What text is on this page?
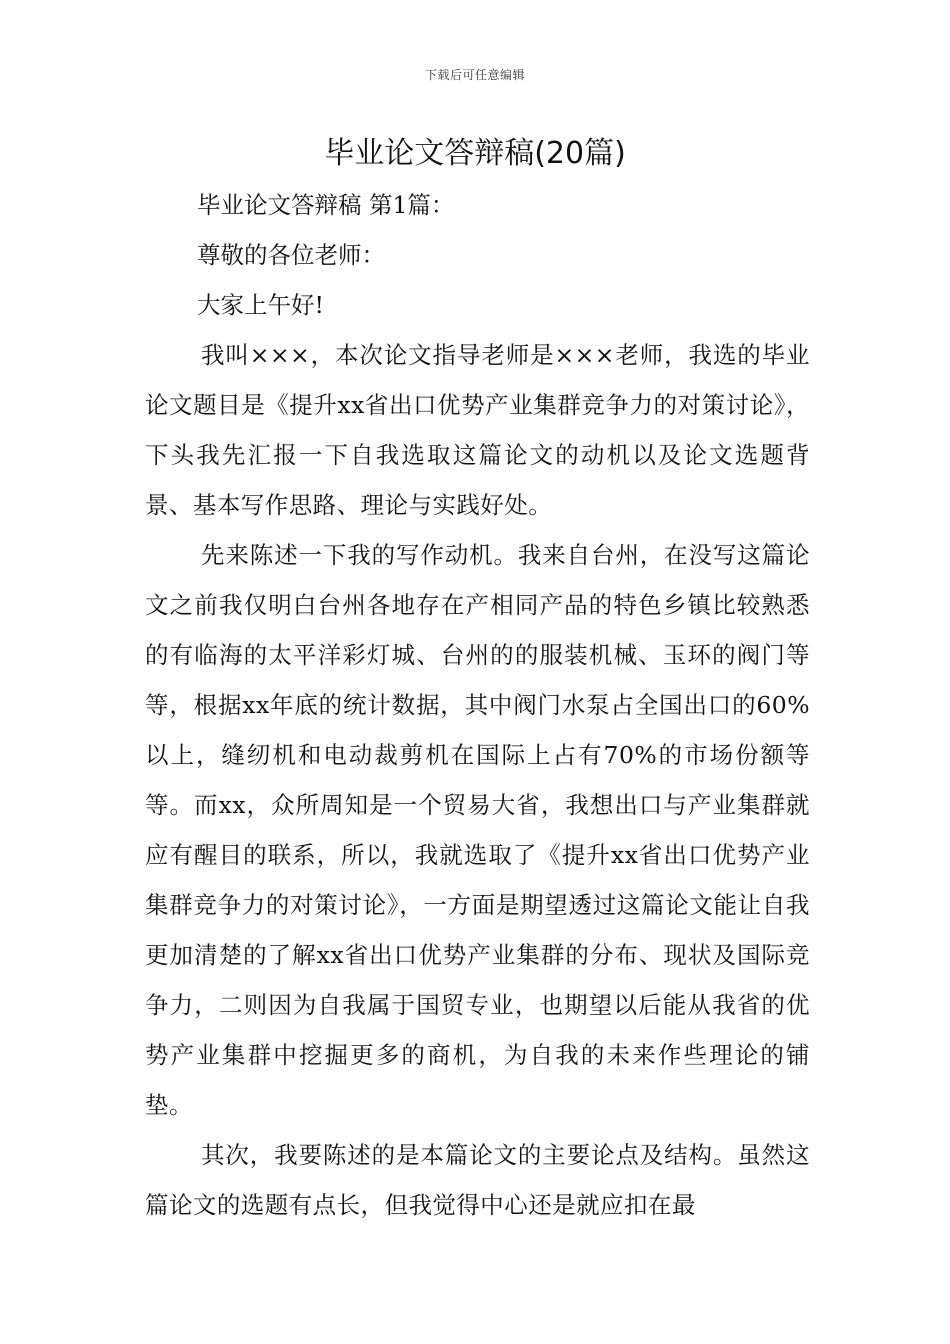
下载后可任意编辑
毕业论文答辩稿(20篇)

毕业论文答辩稿 第1篇：

尊敬的各位老师：

大家上午好!

我叫×××，本次论文指导老师是×××老师，我选的毕业论文题目是《提升xx省出口优势产业集群竞争力的对策讨论》，下头我先汇报一下自我选取这篇论文的动机以及论文选题背景、基本写作思路、理论与实践好处。

先来陈述一下我的写作动机。我来自台州，在没写这篇论文之前我仅明白台州各地存在产相同产品的特色乡镇比较熟悉的有临海的太平洋彩灯城、台州的的服装机械、玉环的阀门等等，根据xx年底的统计数据，其中阀门水泵占全国出口的60%以上，缝纫机和电动裁剪机在国际上占有70%的市场份额等等。而xx，众所周知是一个贸易大省，我想出口与产业集群就应有醒目的联系，所以，我就选取了《提升xx省出口优势产业集群竞争力的对策讨论》，一方面是期望透过这篇论文能让自我更加清楚的了解xx省出口优势产业集群的分布、现状及国际竞争力，二则因为自我属于国贸专业，也期望以后能从我省的优势产业集群中挖掘更多的商机，为自我的未来作些理论的铺垫。

其次，我要陈述的是本篇论文的主要论点及结构。虽然这篇论文的选题有点长，但我觉得中心还是就应扣在最
